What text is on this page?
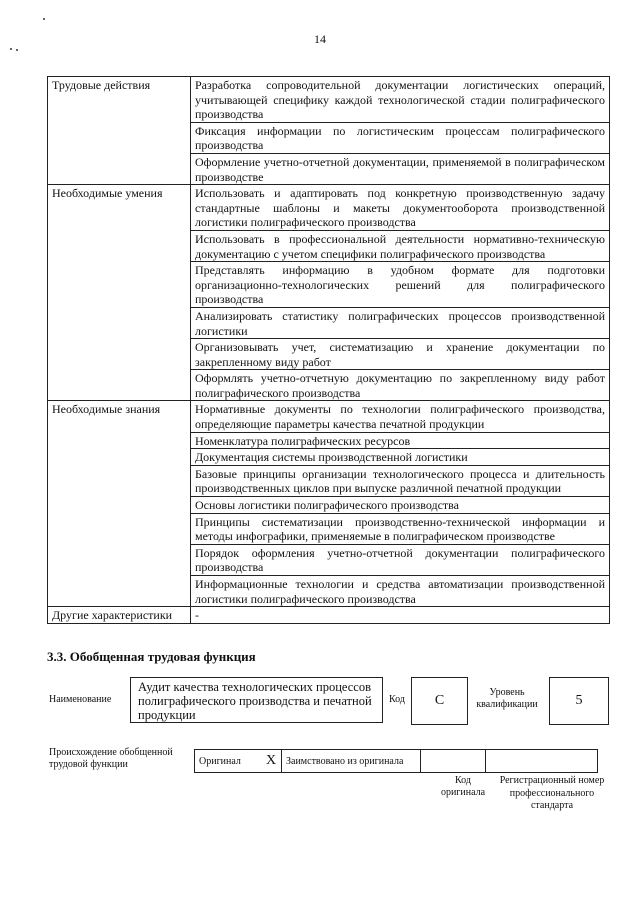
14
Трудовые действия	Разработка сопроводительной документации логистических операций, учитывающей специфику каждой технологической стадии полиграфического производства
	Фиксация информации по логистическим процессам полиграфического производства
	Оформление учетно-отчетной документации, применяемой в полиграфическом производстве
Необходимые умения	Использовать и адаптировать под конкретную производственную задачу стандартные шаблоны и макеты документооборота производственной логистики полиграфического производства
	Использовать в профессиональной деятельности нормативно-техническую документацию с учетом специфики полиграфического производства
	Представлять информацию в удобном формате для подготовки организационно-технологических решений для полиграфического производства
	Анализировать статистику полиграфических процессов производственной логистики
	Организовывать учет, систематизацию и хранение документации по закрепленному виду работ
	Оформлять учетно-отчетную документацию по закрепленному виду работ полиграфического производства
Необходимые знания	Нормативные документы по технологии полиграфического производства, определяющие параметры качества печатной продукции
	Номенклатура полиграфических ресурсов
	Документация системы производственной логистики
	Базовые принципы организации технологического процесса и длительность производственных циклов при выпуске различной печатной продукции
	Основы логистики полиграфического производства
	Принципы систематизации производственно-технической информации и методы инфографики, применяемые в полиграфическом производстве
	Порядок оформления учетно-отчетной документации полиграфического производства
	Информационные технологии и средства автоматизации производственной логистики полиграфического производства
Другие характеристики	-
3.3. Обобщенная трудовая функция
Наименование
Аудит качества технологических процессов полиграфического производства и печатной продукции
Код	C
Уровень квалификации	5
Происхождение обобщенной трудовой функции	Оригинал	X	Заимствовано из оригинала		
Код оригинала
Регистрационный номер профессионального стандарта
